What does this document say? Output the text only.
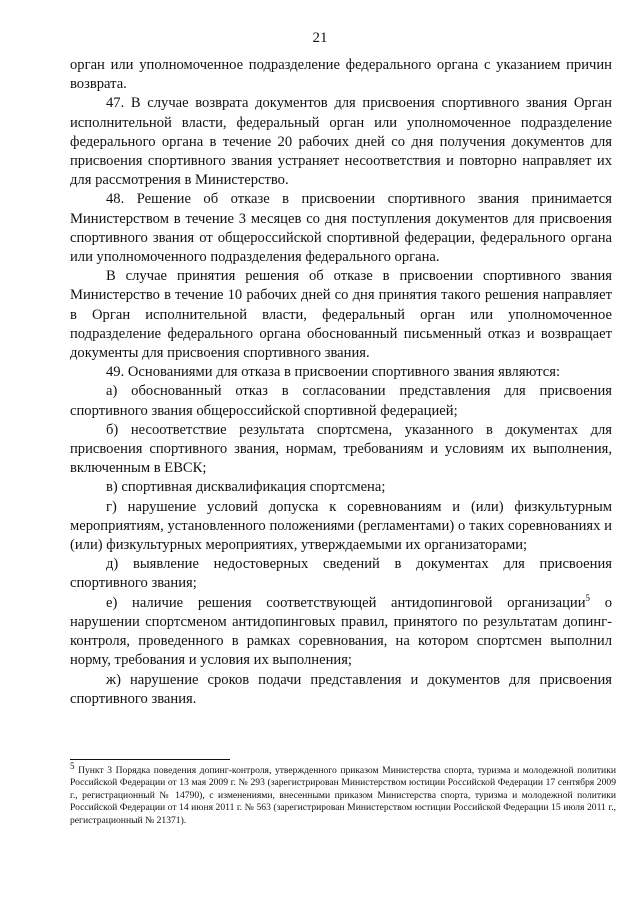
21

орган или уполномоченное подразделение федерального органа с указанием причин возврата.

47. В случае возврата документов для присвоения спортивного звания Орган исполнительной власти, федеральный орган или уполномоченное подразделение федерального органа в течение 20 рабочих дней со дня получения документов для присвоения спортивного звания устраняет несоответствия и повторно направляет их для рассмотрения в Министерство.

48. Решение об отказе в присвоении спортивного звания принимается Министерством в течение 3 месяцев со дня поступления документов для присвоения спортивного звания от общероссийской спортивной федерации, федерального органа или уполномоченного подразделения федерального органа.

В случае принятия решения об отказе в присвоении спортивного звания Министерство в течение 10 рабочих дней со дня принятия такого решения направляет в Орган исполнительной власти, федеральный орган или уполномоченное подразделение федерального органа обоснованный письменный отказ и возвращает документы для присвоения спортивного звания.

49. Основаниями для отказа в присвоении спортивного звания являются:

а) обоснованный отказ в согласовании представления для присвоения спортивного звания общероссийской спортивной федерацией;

б) несоответствие результата спортсмена, указанного в документах для присвоения спортивного звания, нормам, требованиям и условиям их выполнения, включенным в ЕВСК;

в) спортивная дисквалификация спортсмена;

г) нарушение условий допуска к соревнованиям и (или) физкультурным мероприятиям, установленного положениями (регламентами) о таких соревнованиях и (или) физкультурных мероприятиях, утверждаемыми их организаторами;

д) выявление недостоверных сведений в документах для присвоения спортивного звания;

е) наличие решения соответствующей антидопинговой организации$^5$ о нарушении спортсменом антидопинговых правил, принятого по результатам допинг-контроля, проведенного в рамках соревнования, на котором спортсмен выполнил норму, требования и условия их выполнения;

ж) нарушение сроков подачи представления и документов для присвоения спортивного звания.

$^5$ Пункт 3 Порядка поведения допинг-контроля, утвержденного приказом Министерства спорта, туризма и молодежной политики Российской Федерации от 13 мая 2009 г. № 293 (зарегистрирован Министерством юстиции Российской Федерации 17 сентября 2009 г., регистрационный № 14790), с изменениями, внесенными приказом Министерства спорта, туризма и молодежной политики Российской Федерации от 14 июня 2011 г. № 563 (зарегистрирован Министерством юстиции Российской Федерации 15 июля 2011 г., регистрационный № 21371).
